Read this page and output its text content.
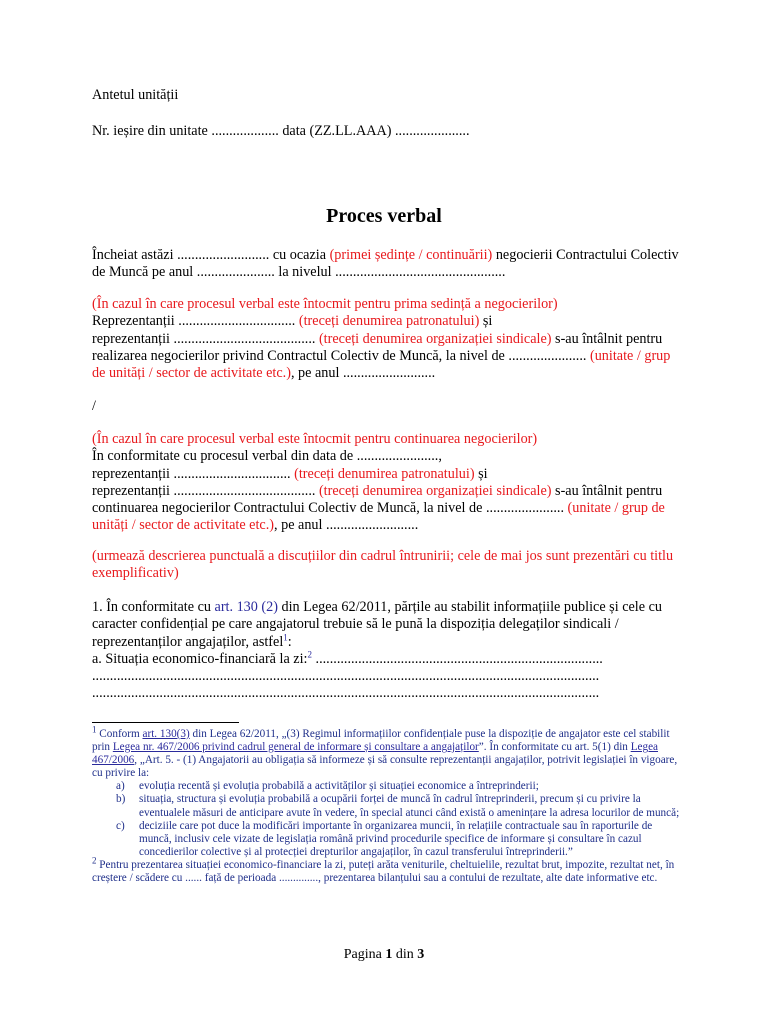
Antetul unității
Nr. ieșire din unitate ................... data (ZZ.LL.AAA) .....................
Proces verbal
Încheiat astăzi .......................... cu ocazia (primei ședințe / continuării) negocierii Contractului Colectiv de Muncă pe anul ...................... la nivelul ................................................
(În cazul în care procesul verbal este întocmit pentru prima sedință a negocierilor)
Reprezentanții ................................. (treceți denumirea patronatului) și
reprezentanții ........................................ (treceți denumirea organizației sindicale) s-au întâlnit pentru realizarea negocierilor privind Contractul Colectiv de Muncă, la nivel de ...................... (unitate / grup de unități / sector de activitate etc.), pe anul ..........................
/
(În cazul în care procesul verbal este întocmit pentru continuarea negocierilor)
În conformitate cu procesul verbal din data de .......................,
reprezentanții ................................. (treceți denumirea patronatului) și
reprezentanții ........................................ (treceți denumirea organizației sindicale) s-au întâlnit pentru continuarea negocierilor Contractului Colectiv de Muncă, la nivel de ...................... (unitate / grup de unități / sector de activitate etc.), pe anul ..........................
(urmează descrierea punctuală a discuțiilor din cadrul întrunirii; cele de mai jos sunt prezentări cu titlu exemplificativ)
1. În conformitate cu art. 130 (2) din Legea 62/2011, părțile au stabilit informațiile publice și cele cu caracter confidențial pe care angajatorul trebuie să le pună la dispoziția delegaților sindicali / reprezentanților angajaților, astfel$^1$:
a. Situația economico-financiară la zi:$^2$ .................................................................................
...............................................................................................................................................
...............................................................................................................................................
$^1$ Conform art. 130(3) din Legea 62/2011, „(3) Regimul informațiilor confidențiale puse la dispoziție de angajator este cel stabilit prin Legea nr. 467/2006 privind cadrul general de informare și consultare a angajaților”. În conformitate cu art. 5(1) din Legea 467/2006, „Art. 5. - (1) Angajatorii au obligația să informeze și să consulte reprezentanții angajaților, potrivit legislației în vigoare, cu privire la:
a) evoluția recentă și evoluția probabilă a activităților și situației economice a întreprinderii;
b) situația, structura și evoluția probabilă a ocupării forței de muncă în cadrul întreprinderii, precum și cu privire la eventualele măsuri de anticipare avute în vedere, în special atunci când există o amenințare la adresa locurilor de muncă;
c) deciziile care pot duce la modificări importante în organizarea muncii, în relațiile contractuale sau în raporturile de muncă, inclusiv cele vizate de legislația română privind procedurile specifice de informare și consultare în cazul concedierilor colective și al protecției drepturilor angajaților, în cazul transferului întreprinderii.”
$^2$ Pentru prezentarea situației economico-financiare la zi, puteți arăta veniturile, cheltuielile, rezultat brut, impozite, rezultat net, în creștere / scădere cu ...... față de perioada .............., prezentarea bilanțului sau a contului de rezultate, alte date informative etc.
Pagina 1 din 3
